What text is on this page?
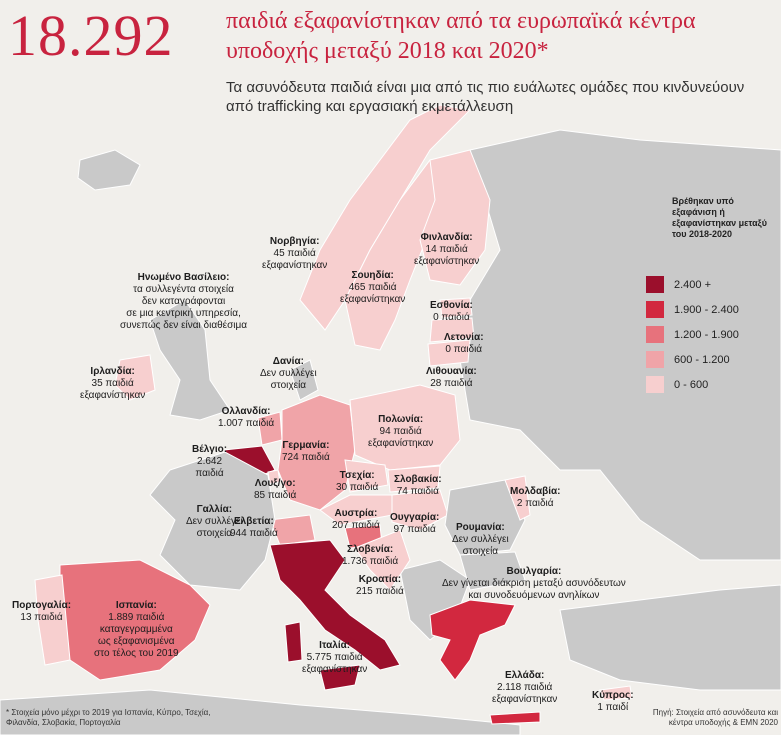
18.292 παιδιά εξαφανίστηκαν από τα ευρωπαϊκά κέντρα υποδοχής μεταξύ 2018 και 2020*
Τα ασυνόδευτα παιδιά είναι μια από τις πιο ευάλωτες ομάδες που κινδυνεύουν από trafficking και εργασιακή εκμετάλλευση
Νορβηγία:
45 παιδιά
εξαφανίστηκαν
Σουηδία:
465 παιδιά
εξαφανίστηκαν
Φινλανδία:
14 παιδιά
εξαφανίστηκαν
Ηνωμένο Βασίλειο:
τα συλλεγέντα στοιχεία
δεν καταγράφονται
σε μια κεντρική υπηρεσία,
συνεπώς δεν είναι διαθέσιμα
Εσθονία:
0 παιδιά
Λετονία:
0 παιδιά
Λιθουανία:
28 παιδιά
Δανία:
Δεν συλλέγει
στοιχεία
Ιρλανδία:
35 παιδιά
εξαφανίστηκαν
Ολλανδία:
1.007 παιδιά	Πολωνία:
94 παιδιά
εξαφανίστηκαν
Γερμανία:
724 παιδιά
Βέλγιο:
2.642
παιδιά	Τσεχία:
30 παιδιά
Σλοβακία:
74 παιδιά
Λουξ/γο:
85 παιδιά	Μολδαβία:
2 παιδιά
Γαλλία:
Δεν συλλέγει
στοιχεία
Αυστρία:
207 παιδιά
Ουγγαρία:
97 παιδιά
Ελβετία:
944 παιδιά
Ρουμανία:
Δεν συλλέγει
στοιχεία
Σλοβενία:
1.736 παιδιά
Κροατία:
215 παιδιά
Βουλγαρία:
Δεν γίνεται διάκριση μεταξύ ασυνόδευτων
και συνοδευόμενων ανηλίκων
Πορτογαλία:
13 παιδιά
Ισπανία:
1.889 παιδιά
καταγεγραμμένα
ως εξαφανισμένα
στο τέλος του 2019
Ιταλία:
5.775 παιδιά
εξαφανίστηκαν
Ελλάδα:
2.118 παιδιά
εξαφανίστηκαν	Κύπρος:
1 παιδί
Βρέθηκαν υπό εξαφάνιση ή εξαφανίστηκαν μεταξύ του 2018-2020
2.400 +
1.900 - 2.400
1.200 - 1.900
600 - 1.200
0 - 600
* Στοιχεία μόνο μέχρι το 2019 για Ισπανία, Κύπρο, Τσεχία, Φιλανδία, Σλοβακία, Πορτογαλία
Πηγή: Στοιχεία από ασυνόδευτα και κέντρα υποδοχής & EMN 2020
